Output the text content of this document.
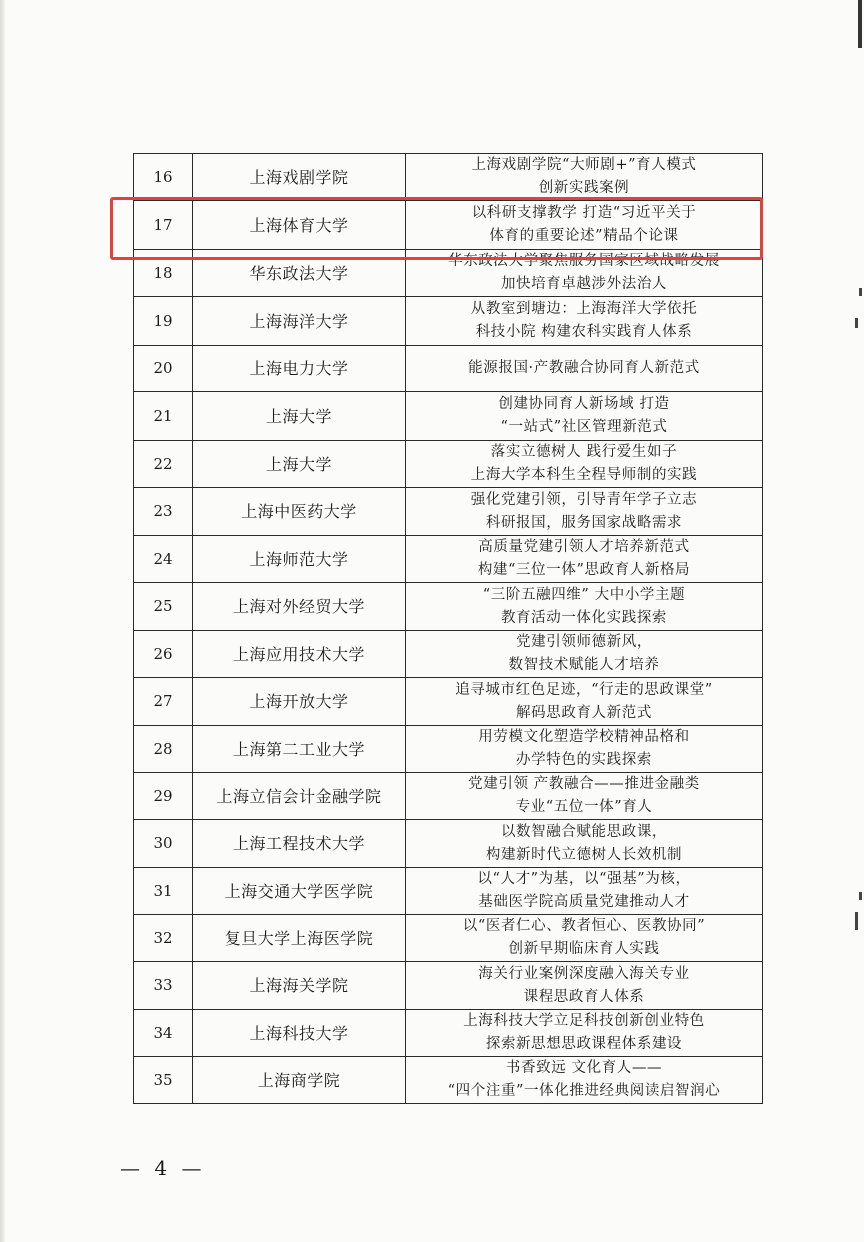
16	上海戏剧学院	上海戏剧学院“大师剧+”育人模式
创新实践案例

17	上海体育大学	以科研支撑教学 打造“习近平关于
体育的重要论述”精品个论课

18	华东政法大学	华东政法大学聚焦服务国家区域战略发展
加快培育卓越涉外法治人

19	上海海洋大学	从教室到塘边：上海海洋大学依托
科技小院 构建农科实践育人体系

20	上海电力大学	能源报国·产教融合协同育人新范式

21	上海大学	创建协同育人新场域 打造
“一站式”社区管理新范式

22	上海大学	落实立德树人 践行爱生如子
上海大学本科生全程导师制的实践

23	上海中医药大学	强化党建引领，引导青年学子立志
科研报国，服务国家战略需求

24	上海师范大学	高质量党建引领人才培养新范式
构建“三位一体”思政育人新格局

25	上海对外经贸大学	“三阶五融四维” 大中小学主题
教育活动一体化实践探索

26	上海应用技术大学	党建引领师德新风，
数智技术赋能人才培养

27	上海开放大学	追寻城市红色足迹，“行走的思政课堂”
解码思政育人新范式

28	上海第二工业大学	用劳模文化塑造学校精神品格和
办学特色的实践探索

29	上海立信会计金融学院	党建引领 产教融合——推进金融类
专业“五位一体”育人

30	上海工程技术大学	以数智融合赋能思政课，
构建新时代立德树人长效机制

31	上海交通大学医学院	以“人才”为基，以“强基”为核，
基础医学院高质量党建推动人才

32	复旦大学上海医学院	以“医者仁心、教者恒心、医教协同”
创新早期临床育人实践

33	上海海关学院	海关行业案例深度融入海关专业
课程思政育人体系

34	上海科技大学	上海科技大学立足科技创新创业特色
探索新思想思政课程体系建设

35	上海商学院	书香致远 文化育人——
“四个注重”一体化推进经典阅读启智润心
— 4 —
